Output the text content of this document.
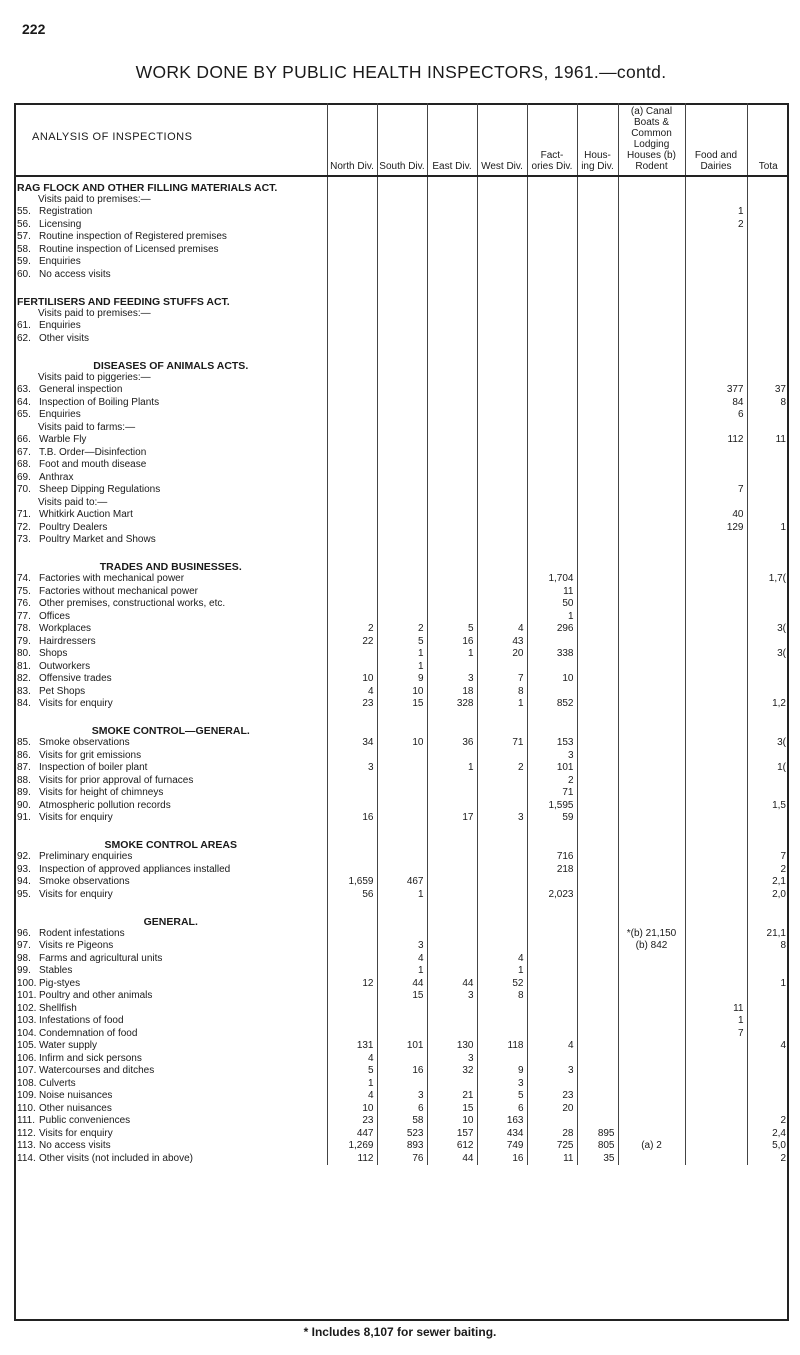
222
WORK DONE BY PUBLIC HEALTH INSPECTORS, 1961.—contd.
ANALYSIS OF INSPECTIONS	North Div.	South Div.	East Div.	West Div.	Fact- ories Div.	Hous- ing Div.	(a) Canal Boats & Common Lodging Houses (b) Rodent	Food and Dairies	Tota
RAG FLOCK AND OTHER FILLING MATERIALS ACT.									
Visits paid to premises:—									
55. Registration								1	
56. Licensing								2	
57. Routine inspection of Registered premises									
58. Routine inspection of Licensed premises									
59. Enquiries									
60. No access visits									

FERTILISERS AND FEEDING STUFFS ACT.									
Visits paid to premises:—									
61. Enquiries									
62. Other visits									

DISEASES OF ANIMALS ACTS.									
Visits paid to piggeries:—									
63. General inspection								377	37
64. Inspection of Boiling Plants								84	8
65. Enquiries								6	
Visits paid to farms:—									
66. Warble Fly								112	11
67. T.B. Order—Disinfection									
68. Foot and mouth disease									
69. Anthrax									
70. Sheep Dipping Regulations								7	
Visits paid to:—									
71. Whitkirk Auction Mart								40	
72. Poultry Dealers								129	1
73. Poultry Market and Shows									

TRADES AND BUSINESSES.									
74. Factories with mechanical power					1,704				1,7(
75. Factories without mechanical power					11				
76. Other premises, constructional works, etc.					50				
77. Offices					1				
78. Workplaces	2	2	5	4	296				3(
79. Hairdressers	22	5	16	43					
80. Shops		1	1	20	338				3(
81. Outworkers		1							
82. Offensive trades	10	9	3	7	10				
83. Pet Shops	4	10	18	8					
84. Visits for enquiry	23	15	328	1	852				1,2

SMOKE CONTROL—GENERAL.									
85. Smoke observations	34	10	36	71	153				3(
86. Visits for grit emissions					3				
87. Inspection of boiler plant	3		1	2	101				1(
88. Visits for prior approval of furnaces					2				
89. Visits for height of chimneys					71				
90. Atmospheric pollution records					1,595				1,5
91. Visits for enquiry	16		17	3	59				

SMOKE CONTROL AREAS									
92. Preliminary enquiries					716				7
93. Inspection of approved appliances installed					218				2
94. Smoke observations	1,659	467							2,1
95. Visits for enquiry	56	1			2,023				2,0

GENERAL.									
96. Rodent infestations							*(b) 21,150		21,1
97. Visits re Pigeons		3					(b) 842		8
98. Farms and agricultural units		4		4					
99. Stables		1		1					
100. Pig-styes	12	44	44	52					1
101. Poultry and other animals		15	3	8					
102. Shellfish								11	
103. Infestations of food								1	
104. Condemnation of food								7	
105. Water supply	131	101	130	118	4				4
106. Infirm and sick persons	4		3						
107. Watercourses and ditches	5	16	32	9	3				
108. Culverts	1			3					
109. Noise nuisances	4	3	21	5	23				
110. Other nuisances	10	6	15	6	20				
111. Public conveniences	23	58	10	163					2
112. Visits for enquiry	447	523	157	434	28	895			2,4
113. No access visits	1,269	893	612	749	725	805	(a) 2		5,0
114. Other visits (not included in above)	112	76	44	16	11	35			2
* Includes 8,107 for sewer baiting.
